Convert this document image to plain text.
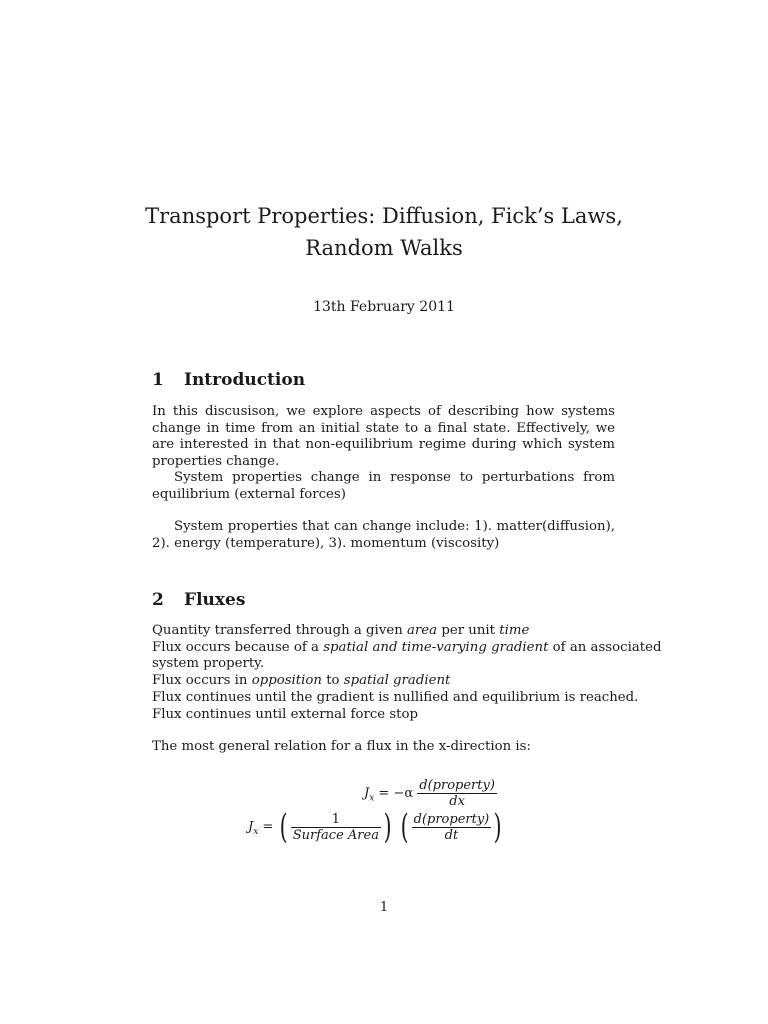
Transport Properties: Diffusion, Fick’s Laws,
Random Walks
13th February 2011
1 Introduction
In this discusison, we explore aspects of describing how systems change in time from an initial state to a final state. Effectively, we are interested in that non-equilibrium regime during which system properties change.
System properties change in response to perturbations from equilibrium (external forces)
System properties that can change include: 1). matter(diffusion), 2). energy (temperature), 3). momentum (viscosity)
2 Fluxes
Quantity transferred through a given area per unit time
Flux occurs because of a spatial and time-varying gradient of an associated
system property.
Flux occurs in opposition to spatial gradient
Flux continues until the gradient is nullified and equilibrium is reached.
Flux continues until external force stop
The most general relation for a flux in the x-direction is:
$J_x = -\alpha \frac{\text{d(property)}}{dx}$
$J_x$ = ( $\frac{1}{\text{Surface Area}}$ ) ( $\frac{\text{d(property)}}{dt}$ )
1
